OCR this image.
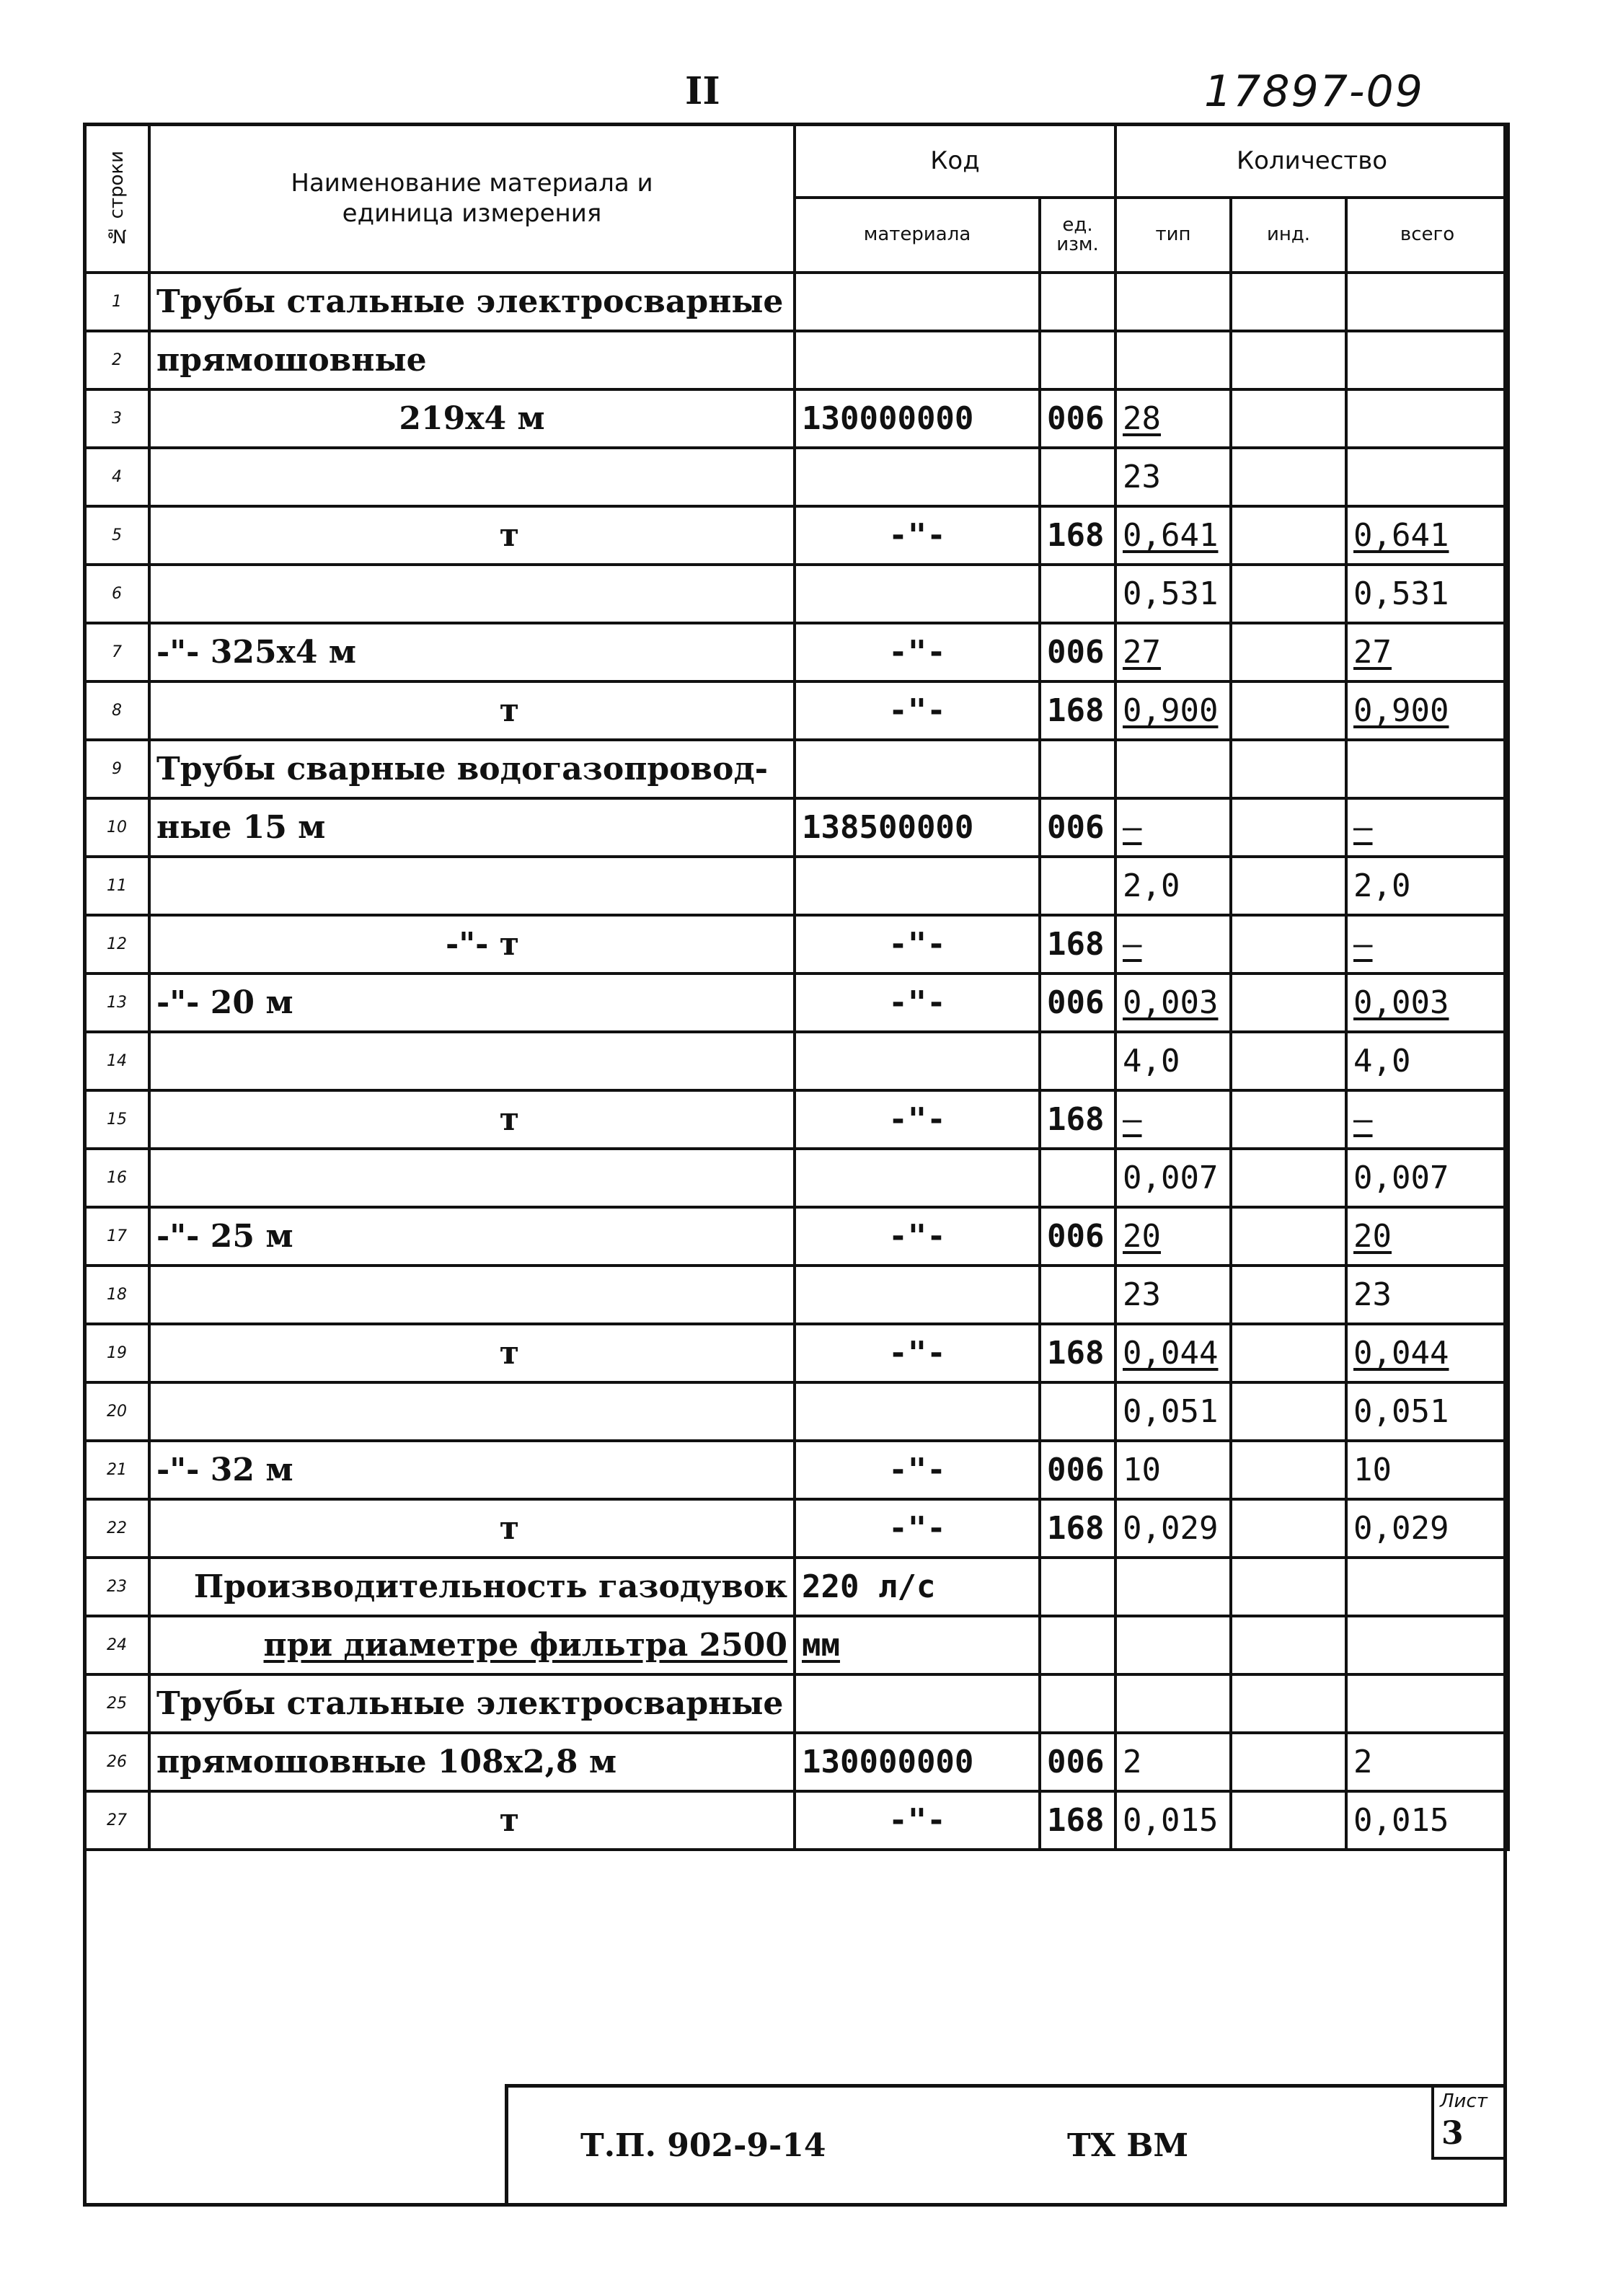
II	17897-09
№ строки	Наименование материала и единица измерения	Код		Количество		
		материала	ед. изм.	тип	инд.	всего
1	Трубы стальные электросварные					
2	прямошовные					
3	219х4 м	130000000	006	28		
4				23		
5	т	-"-	168	0,641		0,641
6				0,531		0,531
7	-"- 325х4 м	-"-	006	27		27
8	т	-"-	168	0,900		0,900
9	Трубы сварные водогазопровод-					
10	ные 15 м	138500000	006	–		–
11				2,0		2,0
12	-"- т	-"-	168	–		–
13	-"- 20 м	-"-	006	0,003		0,003
14				4,0		4,0
15	т	-"-	168	–		–
16				0,007		0,007
17	-"- 25 м	-"-	006	20		20
18				23		23
19	т	-"-	168	0,044		0,044
20				0,051		0,051
21	-"- 32 м	-"-	006	10		10
22	т	-"-	168	0,029		0,029
23	Производительность газодувок	220 л/с				
24	при диаметре фильтра 2500	мм				
25	Трубы стальные электросварные					
26	прямошовные 108х2,8 м	130000000	006	2		2
27	т	-"-	168	0,015		0,015
Т.П. 902-9-14	ТХ ВМ
Лист
3
